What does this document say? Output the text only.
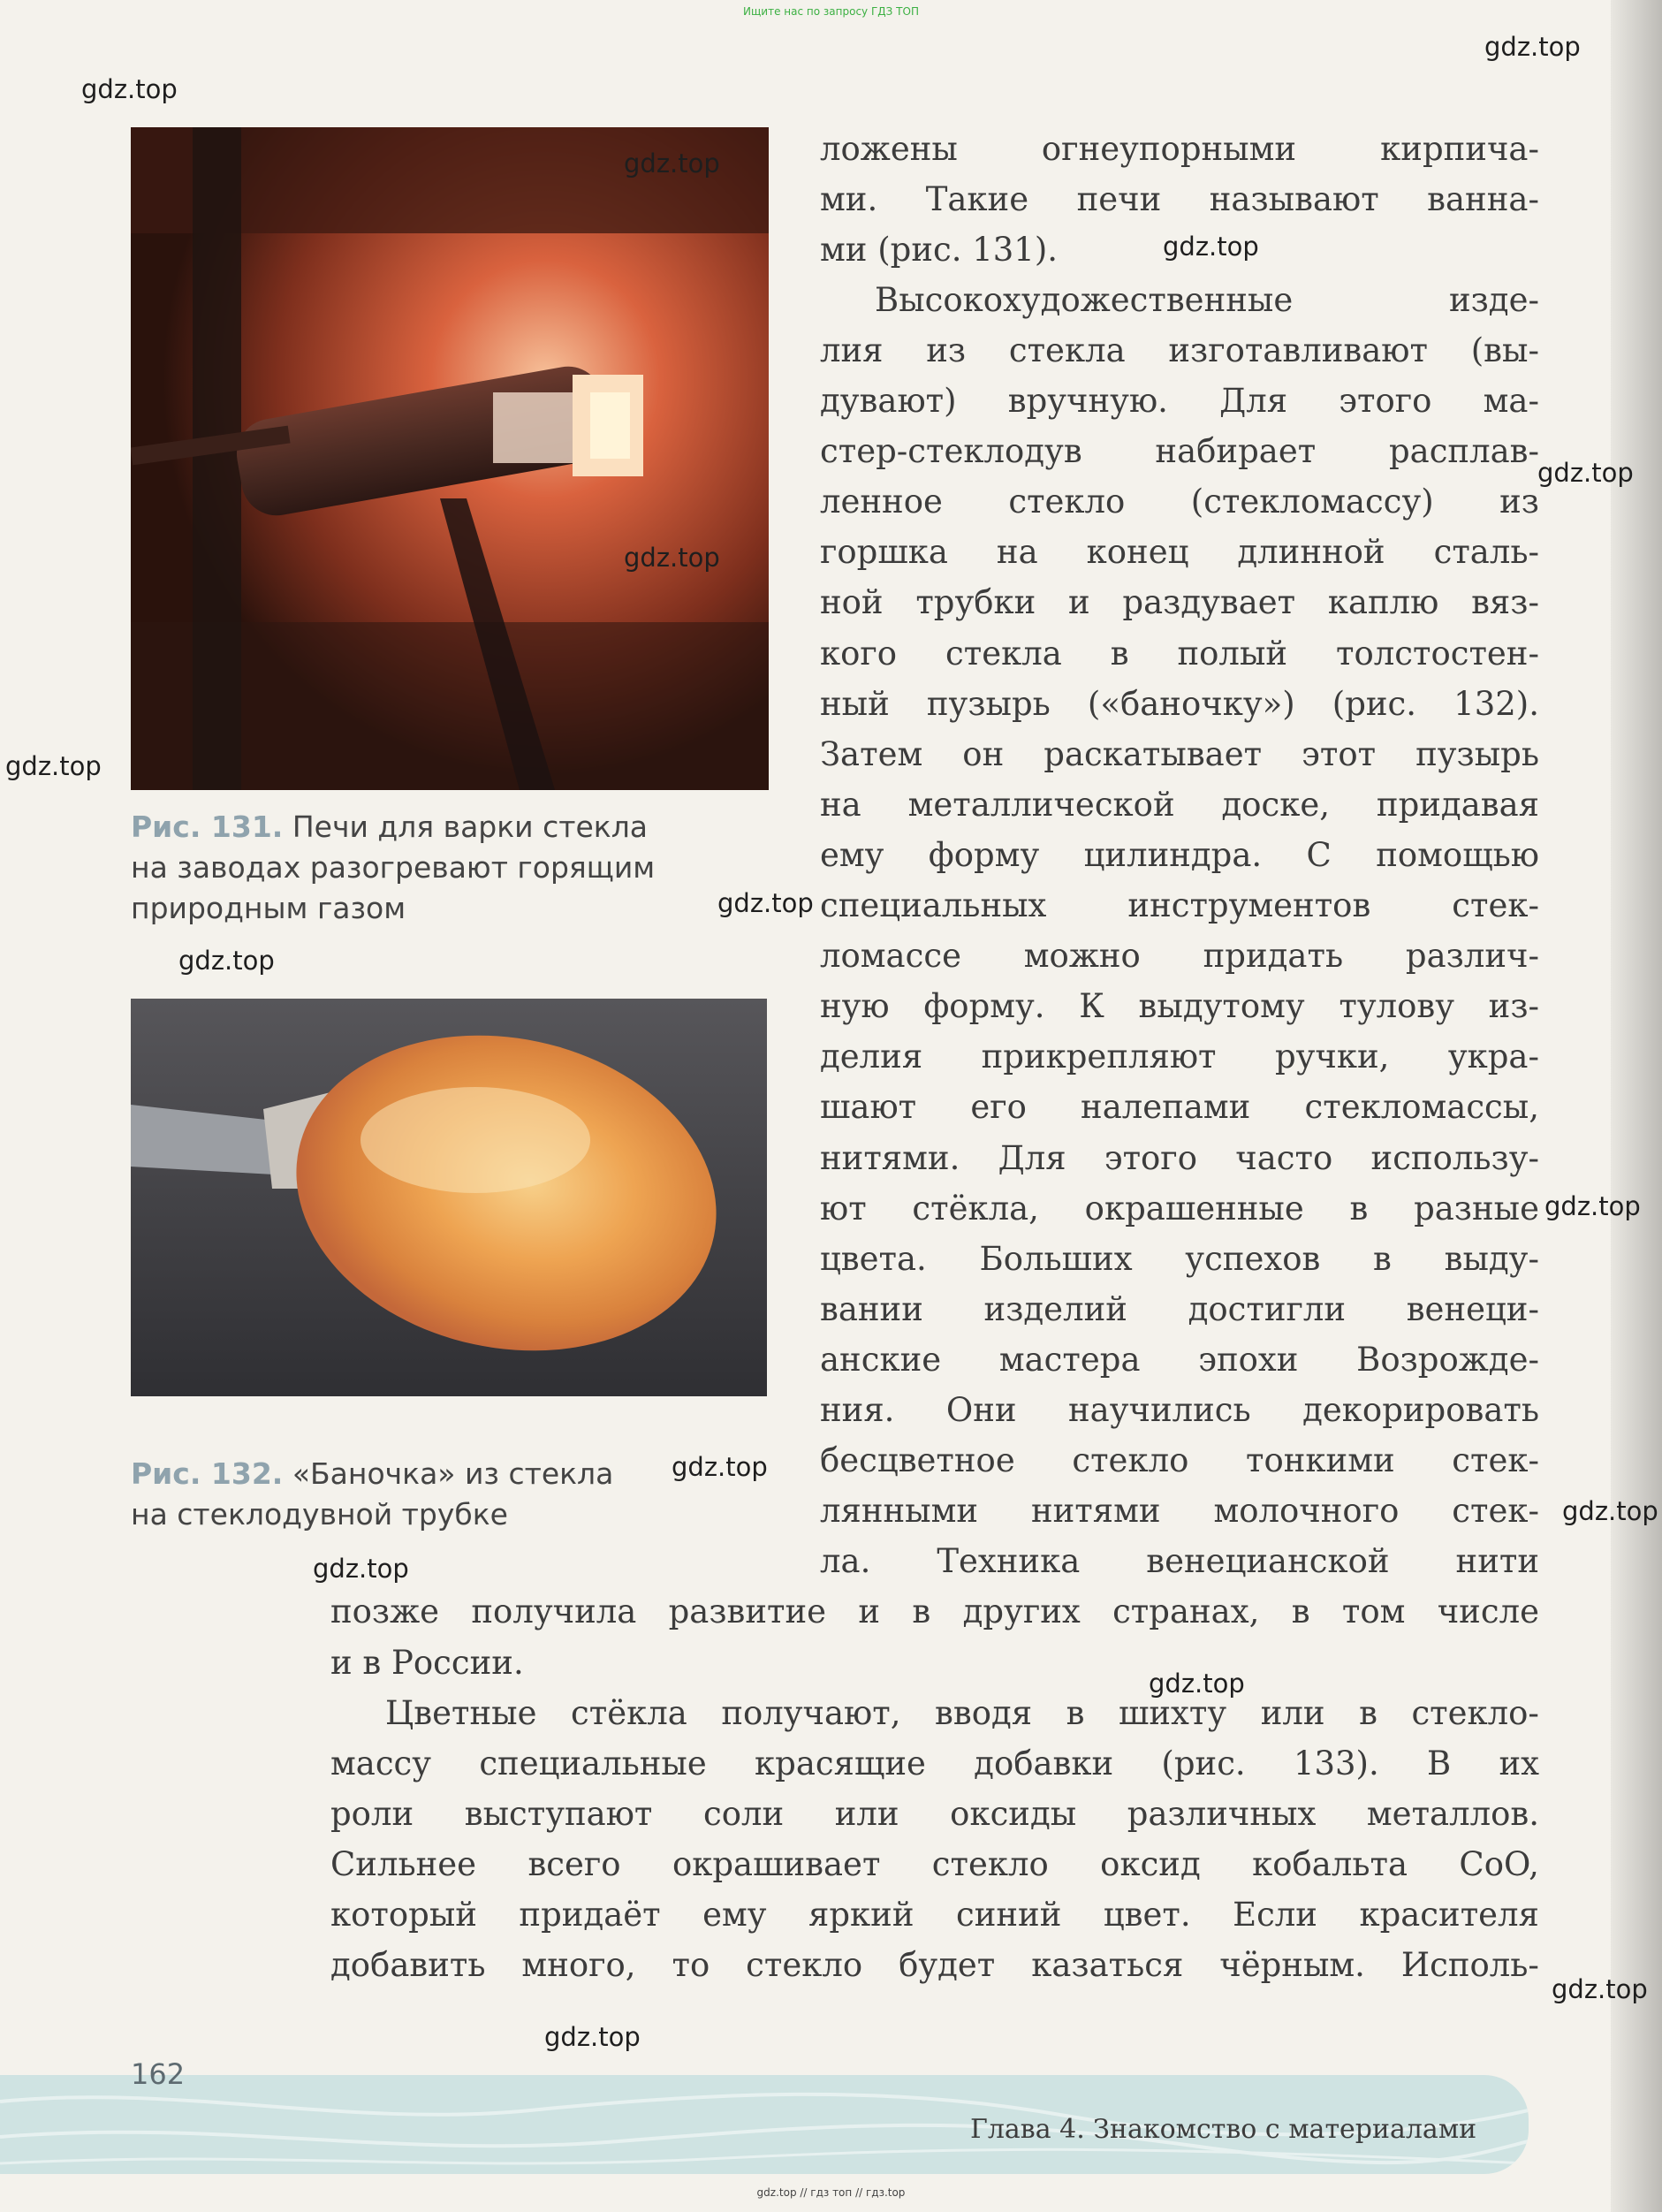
Ищите нас по запросу ГДЗ ТОП
Рис. 131. Печи для варки стекла
на заводах разогревают горящим
природным газом
Рис. 132. «Баночка» из стекла
на стеклодувной трубке
ложены	огнеупорными	кирпича-
ми. Такие печи называют ванна-
ми (рис. 131).
Высокохудожественные	изде-
лия из стекла изготавливают (вы-
дувают) вручную. Для этого ма-
стер-стеклодув набирает расплав-
ленное стекло (стекломассу) из
горшка на конец длинной сталь-
ной трубки и раздувает каплю вяз-
кого стекла в полый толстостен-
ный пузырь («баночку») (рис. 132).
Затем он раскатывает этот пузырь
на металлической доске, придавая
ему форму цилиндра. С помощью
специальных инструментов стек-
ломассе можно придать различ-
ную форму. К выдутому тулову из-
делия прикрепляют ручки, укра-
шают его налепами стекломассы,
нитями. Для этого часто использу-
ют стёкла, окрашенные в разные
цвета. Больших успехов в выду-
вании изделий достигли венеци-
анские мастера эпохи Возрожде-
ния. Они научились декорировать
бесцветное стекло тонкими стек-
лянными нитями молочного стек-
ла. Техника венецианской нити
позже получила развитие и в других странах, в том числе
и в России.
Цветные стёкла получают, вводя в шихту или в стекло-
массу специальные красящие добавки (рис. 133). В их
роли выступают соли или оксиды различных металлов.
Сильнее всего окрашивает стекло оксид кобальта CoO,
который придаёт ему яркий синий цвет. Если красителя
добавить много, то стекло будет казаться чёрным. Исполь-
gdz.top
gdz.top
gdz.top
gdz.top
gdz.top
gdz.top
gdz.top
gdz.top
gdz.top
gdz.top
gdz.top
gdz.top
gdz.top
gdz.top
gdz.top
gdz.top
162
Глава 4. Знакомство с материалами
gdz.top // гдз топ // гдз.top
